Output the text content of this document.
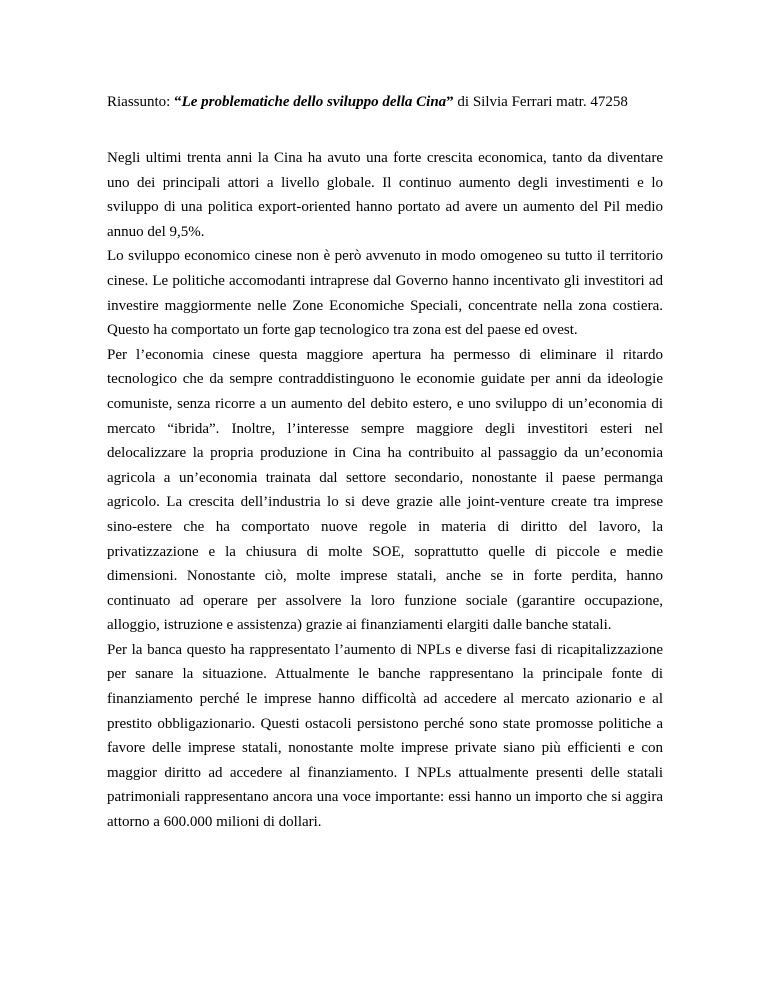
Riassunto: “Le problematiche dello sviluppo della Cina” di Silvia Ferrari matr. 47258

Negli ultimi trenta anni la Cina ha avuto una forte crescita economica, tanto da diventare uno dei principali attori a livello globale. Il continuo aumento degli investimenti e lo sviluppo di una politica export-oriented hanno portato ad avere un aumento del Pil medio annuo del 9,5%.

Lo sviluppo economico cinese non è però avvenuto in modo omogeneo su tutto il territorio cinese. Le politiche accomodanti intraprese dal Governo hanno incentivato gli investitori ad investire maggiormente nelle Zone Economiche Speciali, concentrate nella zona costiera. Questo ha comportato un forte gap tecnologico tra zona est del paese ed ovest.

Per l’economia cinese questa maggiore apertura ha permesso di eliminare il ritardo tecnologico che da sempre contraddistinguono le economie guidate per anni da ideologie comuniste, senza ricorre a un aumento del debito estero, e uno sviluppo di un’economia di mercato “ibrida”. Inoltre, l’interesse sempre maggiore degli investitori esteri nel delocalizzare la propria produzione in Cina ha contribuito al passaggio da un’economia agricola a un’economia trainata dal settore secondario, nonostante il paese permanga agricolo. La crescita dell’industria lo si deve grazie alle joint-venture create tra imprese sino-estere che ha comportato nuove regole in materia di diritto del lavoro, la privatizzazione e la chiusura di molte SOE, soprattutto quelle di piccole e medie dimensioni. Nonostante ciò, molte imprese statali, anche se in forte perdita, hanno continuato ad operare per assolvere la loro funzione sociale (garantire occupazione, alloggio, istruzione e assistenza) grazie ai finanziamenti elargiti dalle banche statali.

Per la banca questo ha rappresentato l’aumento di NPLs e diverse fasi di ricapitalizzazione per sanare la situazione. Attualmente le banche rappresentano la principale fonte di finanziamento perché le imprese hanno difficoltà ad accedere al mercato azionario e al prestito obbligazionario. Questi ostacoli persistono perché sono state promosse politiche a favore delle imprese statali, nonostante molte imprese private siano più efficienti e con maggior diritto ad accedere al finanziamento. I NPLs attualmente presenti delle statali patrimoniali rappresentano ancora una voce importante: essi hanno un importo che si aggira attorno a 600.000 milioni di dollari.
